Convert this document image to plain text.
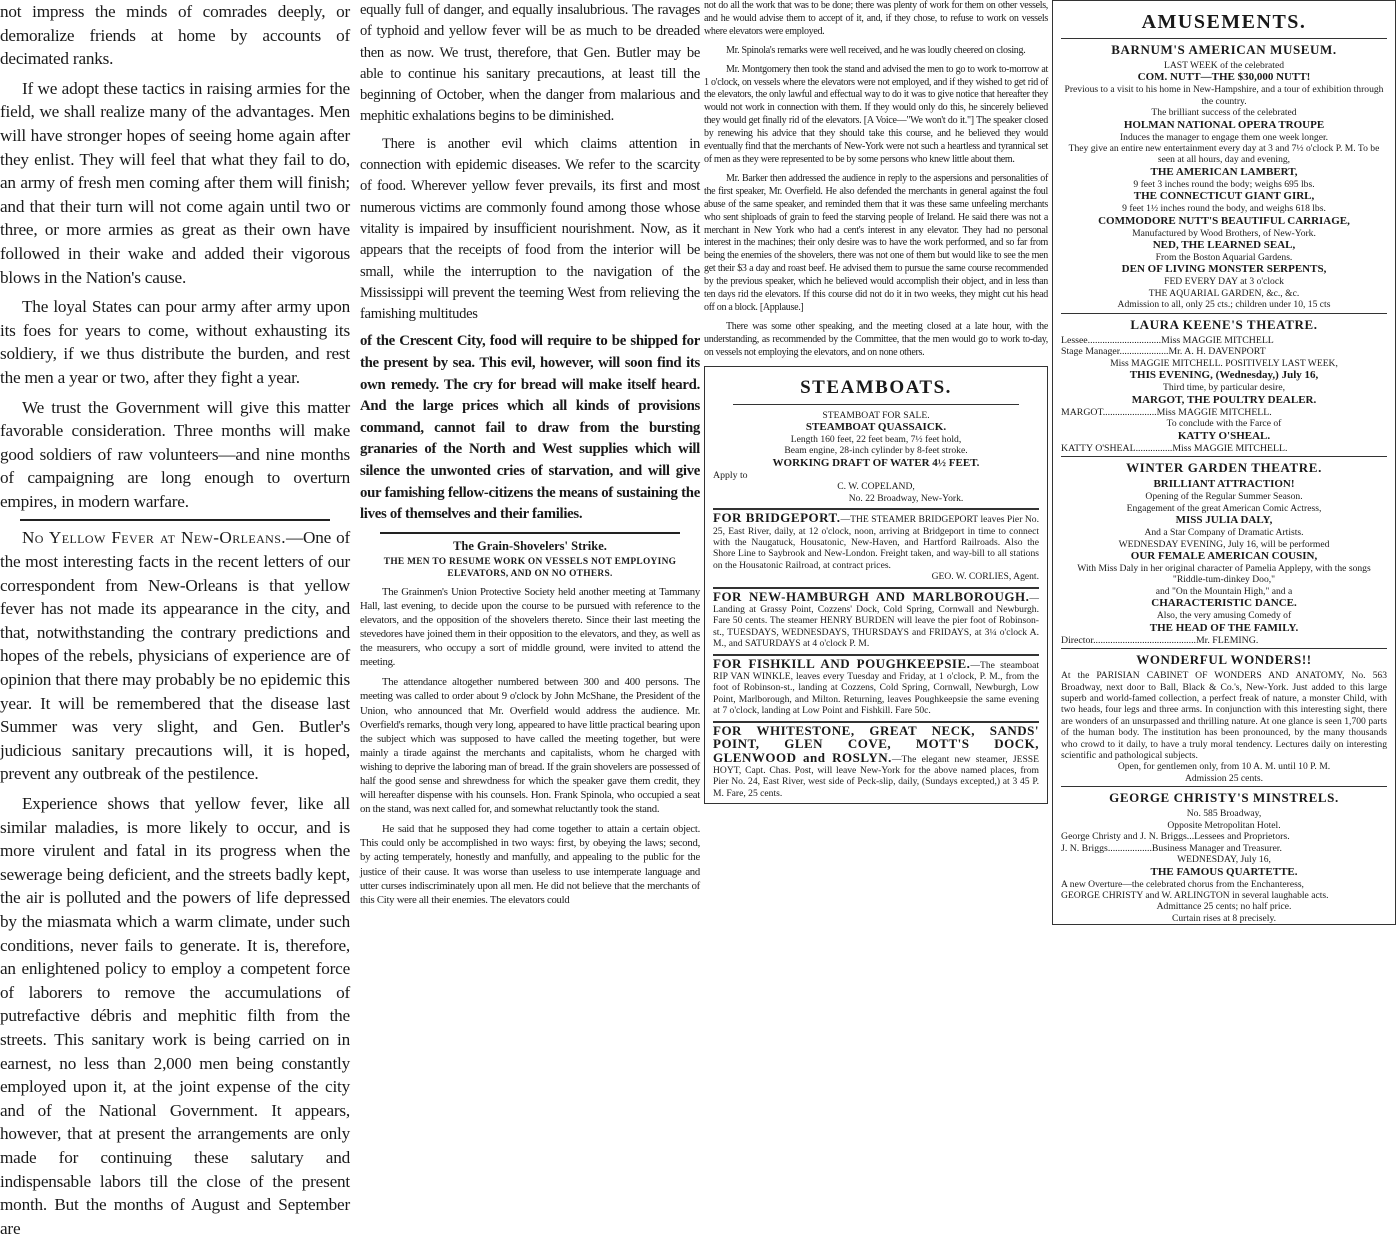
not impress the minds of comrades deeply, or demoralize friends at home by accounts of decimated ranks.

If we adopt these tactics in raising armies for the field, we shall realize many of the advantages. Men will have stronger hopes of seeing home again after they enlist. They will feel that what they fail to do, an army of fresh men coming after them will finish; and that their turn will not come again until two or three, or more armies as great as their own have followed in their wake and added their vigorous blows in the Nation's cause.

The loyal States can pour army after army upon its foes for years to come, without exhausting its soldiery, if we thus distribute the burden, and rest the men a year or two, after they fight a year.

We trust the Government will give this matter favorable consideration. Three months will make good soldiers of raw volunteers—and nine months of campaigning are long enough to overturn empires, in modern warfare.

No Yellow Fever at New-Orleans.—One of the most interesting facts in the recent letters of our correspondent from New-Orleans is that yellow fever has not made its appearance in the city, and that, notwithstanding the contrary predictions and hopes of the rebels, physicians of experience are of opinion that there may probably be no epidemic this year. It will be remembered that the disease last Summer was very slight, and Gen. Butler's judicious sanitary precautions will, it is hoped, prevent any outbreak of the pestilence.

Experience shows that yellow fever, like all similar maladies, is more likely to occur, and is more virulent and fatal in its progress when the sewerage being deficient, and the streets badly kept, the air is polluted and the powers of life depressed by the miasmata which a warm climate, under such conditions, never fails to generate. It is, therefore, an enlightened policy to employ a competent force of laborers to remove the accumulations of putrefactive débris and mephitic filth from the streets. This sanitary work is being carried on in earnest, no less than 2,000 men being constantly employed upon it, at the joint expense of the city and of the National Government. It appears, however, that at present the arrangements are only made for continuing these salutary and indispensable labors till the close of the present month. But the months of August and September are

equally full of danger, and equally insalubrious. The ravages of typhoid and yellow fever will be as much to be dreaded then as now. We trust, therefore, that Gen. Butler may be able to continue his sanitary precautions, at least till the beginning of October, when the danger from malarious and mephitic exhalations begins to be diminished.

There is another evil which claims attention in connection with epidemic diseases. We refer to the scarcity of food. Wherever yellow fever prevails, its first and most numerous victims are commonly found among those whose vitality is impaired by insufficient nourishment. Now, as it appears that the receipts of food from the interior will be small, while the interruption to the navigation of the Mississippi will prevent the teeming West from relieving the famishing multitudes

of the Crescent City, food will require to be shipped for the present by sea. This evil, however, will soon find its own remedy. The cry for bread will make itself heard. And the large prices which all kinds of provisions command, cannot fail to draw from the bursting granaries of the North and West supplies which will silence the unwonted cries of starvation, and will give our famishing fellow-citizens the means of sustaining the lives of themselves and their families.

The Grain-Shovelers' Strike.
THE MEN TO RESUME WORK ON VESSELS NOT EMPLOYING ELEVATORS, AND ON NO OTHERS.

The Grainmen's Union Protective Society held another meeting at Tammany Hall, last evening, to decide upon the course to be pursued with reference to the elevators, and the opposition of the shovelers thereto. Since their last meeting the stevedores have joined them in their opposition to the elevators, and they, as well as the measurers, who occupy a sort of middle ground, were invited to attend the meeting.

The attendance altogether numbered between 300 and 400 persons. The meeting was called to order about 9 o'clock by John McShane, the President of the Union, who announced that Mr. Overfield would address the audience. Mr. Overfield's remarks, though very long, appeared to have little practical bearing upon the subject which was supposed to have called the meeting together, but were mainly a tirade against the merchants and capitalists, whom he charged with wishing to deprive the laboring man of bread. If the grain shovelers are possessed of half the good sense and shrewdness for which the speaker gave them credit, they will hereafter dispense with his counsels. Hon. Frank Spinola, who occupied a seat on the stand, was next called for, and somewhat reluctantly took the stand.

He said that he supposed they had come together to attain a certain object. This could only be accomplished in two ways: first, by obeying the laws; second, by acting temperately, honestly and manfully, and appealing to the public for the justice of their cause. It was worse than useless to use intemperate language and utter curses indiscriminately upon all men. He did not believe that the merchants of this City were all their enemies. The elevators could

not do all the work that was to be done; there was plenty of work for them on other vessels, and he would advise them to accept of it, and, if they chose, to refuse to work on vessels where elevators were employed.

Mr. Spinola's remarks were well received, and he was loudly cheered on closing.

Mr. Montgomery then took the stand and advised the men to go to work to-morrow at 1 o'clock, on vessels where the elevators were not employed, and if they wished to get rid of the elevators, the only lawful and effectual way to do it was to give notice that hereafter they would not work in connection with them. If they would only do this, he sincerely believed they would get finally rid of the elevators. [A Voice—"We won't do it."] The speaker closed by renewing his advice that they should take this course, and he believed they would eventually find that the merchants of New-York were not such a heartless and tyrannical set of men as they were represented to be by some persons who knew little about them.

Mr. Barker then addressed the audience in reply to the aspersions and personalities of the first speaker, Mr. Overfield. He also defended the merchants in general against the foul abuse of the same speaker, and reminded them that it was these same unfeeling merchants who sent shiploads of grain to feed the starving people of Ireland. He said there was not a merchant in New York who had a cent's interest in any elevator. They had no personal interest in the machines; their only desire was to have the work performed, and so far from being the enemies of the shovelers, there was not one of them but would like to see the men get their $3 a day and roast beef. He advised them to pursue the same course recommended by the previous speaker, which he believed would accomplish their object, and in less than ten days rid the elevators. If this course did not do it in two weeks, they might cut his head off on a block. [Applause.]

There was some other speaking, and the meeting closed at a late hour, with the understanding, as recommended by the Committee, that the men would go to work to-day, on vessels not employing the elevators, and on none others.

STEAMBOATS.

STEAMBOAT FOR SALE.

STEAMBOAT QUASSAICK.

Length 160 feet, 22 feet beam, 7½ feet hold,

Beam engine, 28-inch cylinder by 8-feet stroke.

WORKING DRAFT OF WATER 4½ FEET.

Apply to

C. W. COPELAND,

No. 22 Broadway, New-York.

FOR BRIDGEPORT.—THE STEAMER BRIDGEPORT leaves Pier No. 25, East River, daily, at 12 o'clock, noon, arriving at Bridgeport in time to connect with the Naugatuck, Housatonic, New-Haven, and Hartford Railroads. Also the Shore Line to Saybrook and New-London. Freight taken, and way-bill to all stations on the Housatonic Railroad, at contract prices.

GEO. W. CORLIES, Agent.

FOR NEW-HAMBURGH AND MARLBOROUGH.—Landing at Grassy Point, Cozzens' Dock, Cold Spring, Cornwall and Newburgh. Fare 50 cents. The steamer HENRY BURDEN will leave the pier foot of Robinson-st., TUESDAYS, WEDNESDAYS, THURSDAYS and FRIDAYS, at 3¼ o'clock A. M., and SATURDAYS at 4 o'clock P. M.

FOR FISHKILL AND POUGHKEEPSIE.—The steamboat RIP VAN WINKLE, leaves every Tuesday and Friday, at 1 o'clock, P. M., from the foot of Robinson-st., landing at Cozzens, Cold Spring, Cornwall, Newburgh, Low Point, Marlborough, and Milton. Returning, leaves Poughkeepsie the same evening at 7 o'clock, landing at Low Point and Fishkill. Fare 50c.

FOR WHITESTONE, GREAT NECK, SANDS' POINT, GLEN COVE, MOTT'S DOCK, GLENWOOD and ROSLYN.—The elegant new steamer, JESSE HOYT, Capt. Chas. Post, will leave New-York for the above named places, from Pier No. 24, East River, west side of Peck-slip, daily, (Sundays excepted,) at 3 45 P. M. Fare, 25 cents.

AMUSEMENTS.
BARNUM'S AMERICAN MUSEUM.

LAST WEEK of the celebrated

COM. NUTT—THE $30,000 NUTT!

Previous to a visit to his home in New-Hampshire, and a tour of exhibition through the country.

The brilliant success of the celebrated

HOLMAN NATIONAL OPERA TROUPE

Induces the manager to engage them one week longer.

They give an entire new entertainment every day at 3 and 7½ o'clock P. M. To be seen at all hours, day and evening,

THE AMERICAN LAMBERT,

9 feet 3 inches round the body; weighs 695 lbs.

THE CONNECTICUT GIANT GIRL,

9 feet 1½ inches round the body, and weighs 618 lbs.

COMMODORE NUTT'S BEAUTIFUL CARRIAGE,

Manufactured by Wood Brothers, of New-York.

NED, THE LEARNED SEAL,

From the Boston Aquarial Gardens.

DEN OF LIVING MONSTER SERPENTS,

FED EVERY DAY at 3 o'clock

THE AQUARIAL GARDEN, &c., &c.

Admission to all, only 25 cts.; children under 10, 15 cts

LAURA KEENE'S THEATRE.

Lessee..............................Miss MAGGIE MITCHELL

Stage Manager....................Mr. A. H. DAVENPORT

Miss MAGGIE MITCHELL. POSITIVELY LAST WEEK,

THIS EVENING, (Wednesday,) July 16,

Third time, by particular desire,

MARGOT, THE POULTRY DEALER.

MARGOT......................Miss MAGGIE MITCHELL.

To conclude with the Farce of

KATTY O'SHEAL.

KATTY O'SHEAL...............Miss MAGGIE MITCHELL.

WINTER GARDEN THEATRE.

BRILLIANT ATTRACTION!

Opening of the Regular Summer Season.

Engagement of the great American Comic Actress,

MISS JULIA DALY,

And a Star Company of Dramatic Artists.

WEDNESDAY EVENING, July 16, will be performed

OUR FEMALE AMERICAN COUSIN,

With Miss Daly in her original character of Pamelia Applepy, with the songs "Riddle-tum-dinkey Doo,"

and "On the Mountain High," and a

CHARACTERISTIC DANCE.

Also, the very amusing Comedy of

THE HEAD OF THE FAMILY.

Director..........................................Mr. FLEMING.

WONDERFUL WONDERS!!

At the PARISIAN CABINET OF WONDERS AND ANATOMY, No. 563 Broadway, next door to Ball, Black & Co.'s, New-York. Just added to this large superb and world-famed collection, a perfect freak of nature, a monster Child, with two heads, four legs and three arms. In conjunction with this interesting sight, there are wonders of an unsurpassed and thrilling nature. At one glance is seen 1,700 parts of the human body. The institution has been pronounced, by the many thousands who crowd to it daily, to have a truly moral tendency. Lectures daily on interesting scientific and pathological subjects.

Open, for gentlemen only, from 10 A. M. until 10 P. M.

Admission 25 cents.

GEORGE CHRISTY'S MINSTRELS.

No. 585 Broadway,

Opposite Metropolitan Hotel.

George Christy and J. N. Briggs...Lessees and Proprietors.

J. N. Briggs..................Business Manager and Treasurer.

WEDNESDAY, July 16,

THE FAMOUS QUARTETTE.

A new Overture—the celebrated chorus from the Enchanteress,

GEORGE CHRISTY and W. ARLINGTON in several laughable acts.

Admittance 25 cents; no half price.

Curtain rises at 8 precisely.
